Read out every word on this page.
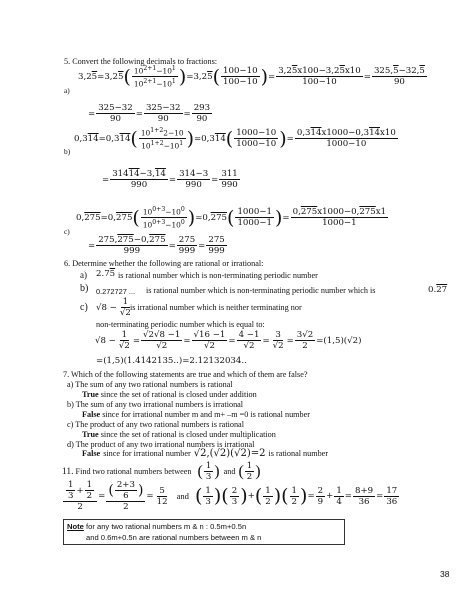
5. Convert the following decimals to fractions:
a)
3,25=3,25 ( $\frac{10^{2+1}-10^1}{10^{2+1}-10^1}$ ) =3,25 ( $\frac{100-10}{100-10}$ ) = $\frac{3,25x100-3,25x10}{100-10} = \frac{325,5-32,5}{90}$
= $\frac{325-32}{90} = \frac{325-32}{90} = \frac{293}{90}$
b)
0,314=0,314 ( $\frac{10^{1+2}2-10}{10^{1+2}-10^1}$ ) =0,314 ( $\frac{1000-10}{1000-10}$ ) = $\frac{0,314x1000-0,314x10}{1000-10}$
= $\frac{31414-3,14}{990} = \frac{314-3}{990} = \frac{311}{990}$
c)
0,275=0,275 ( $\frac{10^{0+3}-10^0}{10^{0+3}-10^0}$ ) =0,275 ( $\frac{1000-1}{1000-1}$ ) = $\frac{0,275x1000-0,275x1}{1000-1}$
= $\frac{275,275-0,275}{999} = \frac{275}{999} = \frac{275}{999}$
6. Determine whether the following are rational or irrational:
a) 2.75 is rational number which is non-terminating periodic number
b) 0.272727 ... is rational number which is non-terminating periodic number which is	0.27
c) $√8 - \frac{1}{√2}$
is irrational number which is neither terminating nor
non-terminating periodic number which is equal to:
$√8 - \frac{1}{√2} = \frac{√2√8 -1}{√2} = \frac{√16 -1}{√2} = \frac{4 -1}{√2} = \frac{3}{√2} = \frac{3√2}{2} =(1,5)(√2)$
=(1,5)(1.4142135..)=2.12132034..
7. Which of the following statements are true and which of them are false?
a) The sum of any two rational numbers is rational
True since the set of rational is closed under addition
b) The sum of any two irrational numbers is irrational
False since for irrational number m and m+ –m =0 is rational number
c) The product of any two rational numbers is rational
True since the set of rational is closed under multiplication
d) The product of any two irrational numbers is irrational
False since for irrational number √2,(√2)(√2)=2 is rational number
11. Find two rational numbers between ( $\frac{1}{3}$ ) and ( $\frac{1}{2}$ )
$\frac{\frac{1}{3} + \frac{1}{2}}{2} = \frac{( \frac{2+3}{6} )}{2} = \frac{5}{12}$ and ( $\frac{1}{3}$ ) ( $\frac{2}{3}$ ) + ( $\frac{1}{2}$ ) ( $\frac{1}{2}$ ) = $\frac{2}{9} + \frac{1}{4} = \frac{8+9}{36} = \frac{17}{36}$
Note for any two rational numbers m & n : 0.5m+0.5n
and 0.6m+0.5n are rational numbers between m & n
38
